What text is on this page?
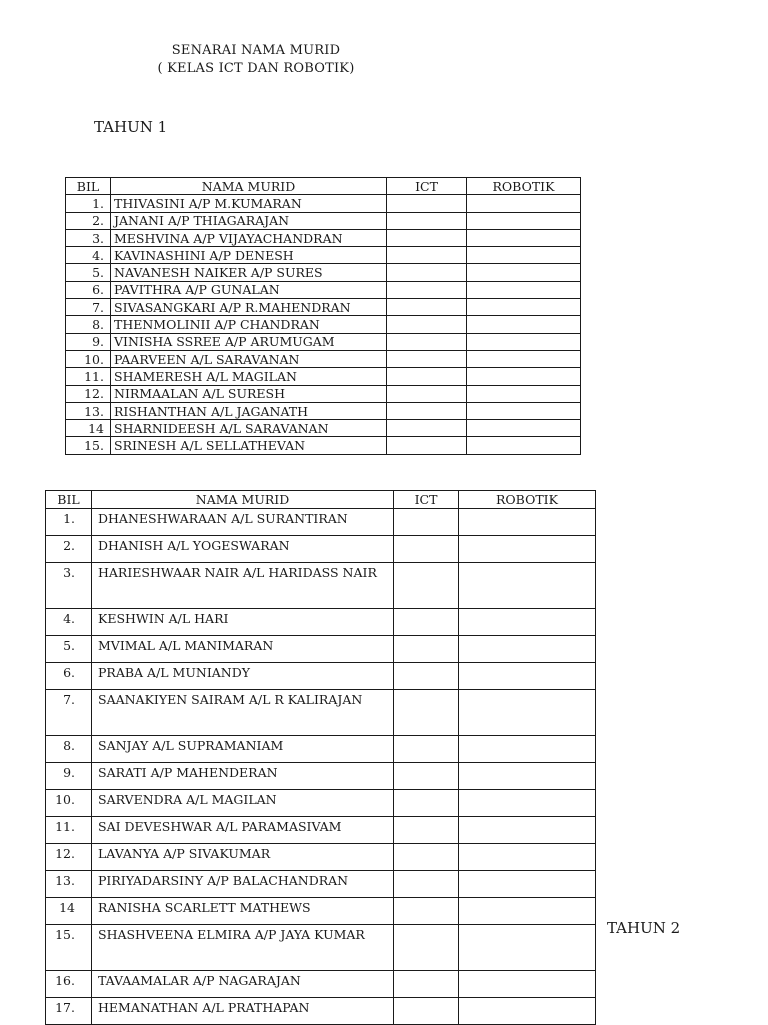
SENARAI NAMA MURID
( KELAS ICT DAN ROBOTIK)
TAHUN 1
BIL	NAMA MURID	ICT	ROBOTIK
1.	THIVASINI A/P M.KUMARAN		
2.	JANANI A/P THIAGARAJAN		
3.	MESHVINA A/P VIJAYACHANDRAN		
4.	KAVINASHINI A/P DENESH		
5.	NAVANESH NAIKER A/P SURES		
6.	PAVITHRA A/P GUNALAN		
7.	SIVASANGKARI A/P R.MAHENDRAN		
8.	THENMOLINII A/P CHANDRAN		
9.	VINISHA SSREE A/P ARUMUGAM		
10.	PAARVEEN A/L SARAVANAN		
11.	SHAMERESH A/L MAGILAN		
12.	NIRMAALAN A/L SURESH		
13.	RISHANTHAN A/L JAGANATH		
14	SHARNIDEESH A/L SARAVANAN		
15.	SRINESH A/L SELLATHEVAN		
BIL	NAMA MURID	ICT	ROBOTIK
1.	DHANESHWARAAN A/L SURANTIRAN		
2.	DHANISH A/L YOGESWARAN		
3.	HARIESHWAAR NAIR A/L HARIDASS NAIR		
4.	KESHWIN A/L HARI		
5.	MVIMAL A/L MANIMARAN		
6.	PRABA A/L MUNIANDY		
7.	SAANAKIYEN SAIRAM A/L R KALIRAJAN		
8.	SANJAY A/L SUPRAMANIAM		
9.	SARATI A/P MAHENDERAN		
10.	SARVENDRA A/L MAGILAN		
11.	SAI DEVESHWAR A/L PARAMASIVAM		
12.	LAVANYA A/P SIVAKUMAR		
13.	PIRIYADARSINY A/P BALACHANDRAN		
14	RANISHA SCARLETT MATHEWS		
15.	SHASHVEENA ELMIRA A/P JAYA KUMAR		
16.	TAVAAMALAR A/P NAGARAJAN		
17.	HEMANATHAN A/L PRATHAPAN		
TAHUN 2
